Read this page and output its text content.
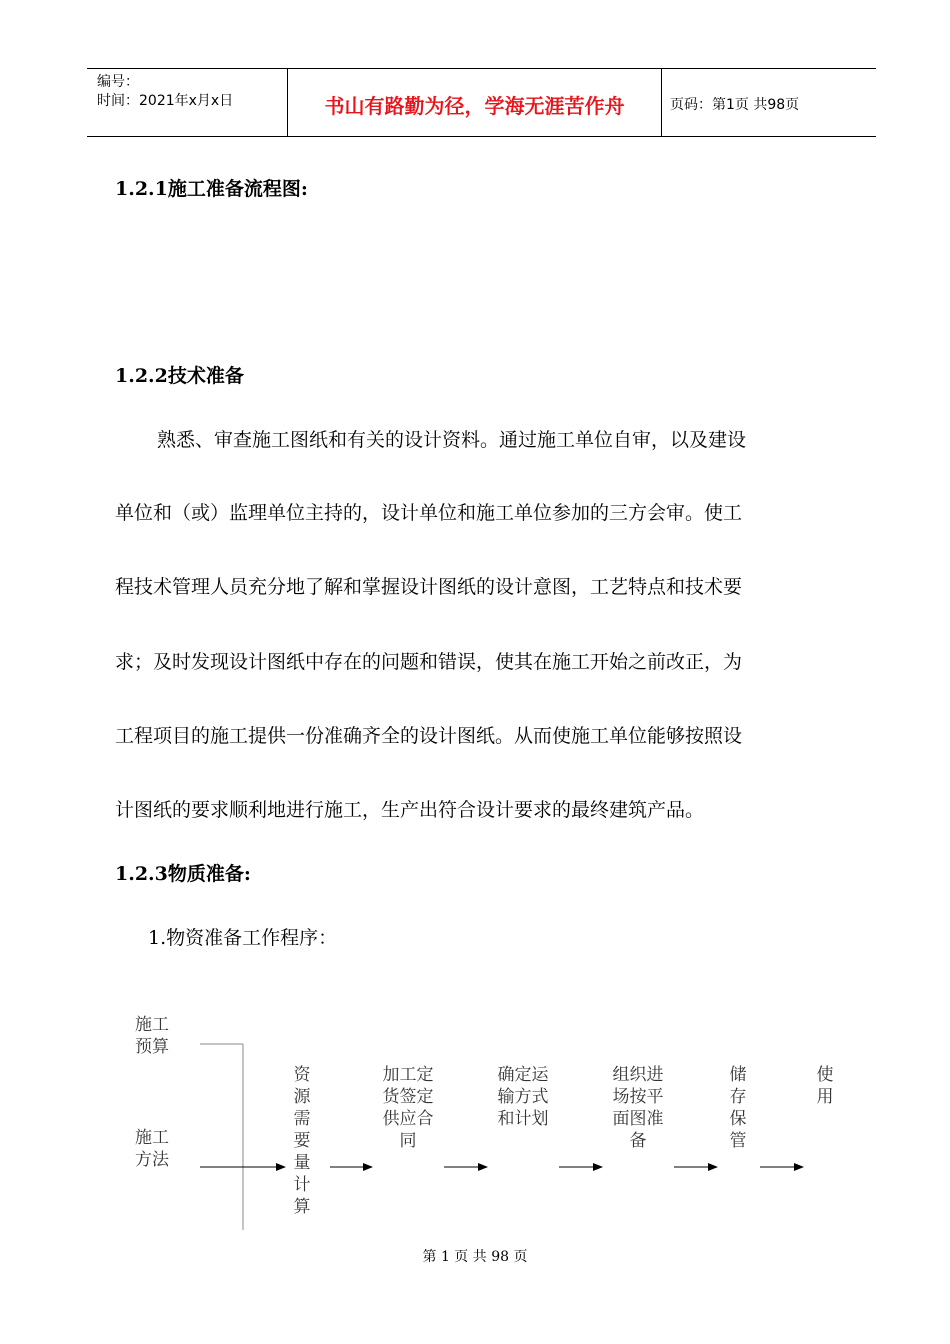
编号：
时间：2021年x月x日	书山有路勤为径，学海无涯苦作舟	页码：第1页 共98页
1.2.1施工准备流程图:
1.2.2技术准备
熟悉、审查施工图纸和有关的设计资料。通过施工单位自审，以及建设
单位和（或）监理单位主持的，设计单位和施工单位参加的三方会审。使工
程技术管理人员充分地了解和掌握设计图纸的设计意图，工艺特点和技术要
求；及时发现设计图纸中存在的问题和错误，使其在施工开始之前改正，为
工程项目的施工提供一份准确齐全的设计图纸。从而使施工单位能够按照设
计图纸的要求顺利地进行施工，生产出符合设计要求的最终建筑产品。
1.2.3物质准备:
1.物资准备工作程序：
施工
预算
施工
方法
资
源
需
要
量
计
算
加工定
货签定
供应合
同
确定运
输方式
和计划
组织进
场按平
面图准
备
储
存
保
管
使
用
第 1 页 共 98 页
